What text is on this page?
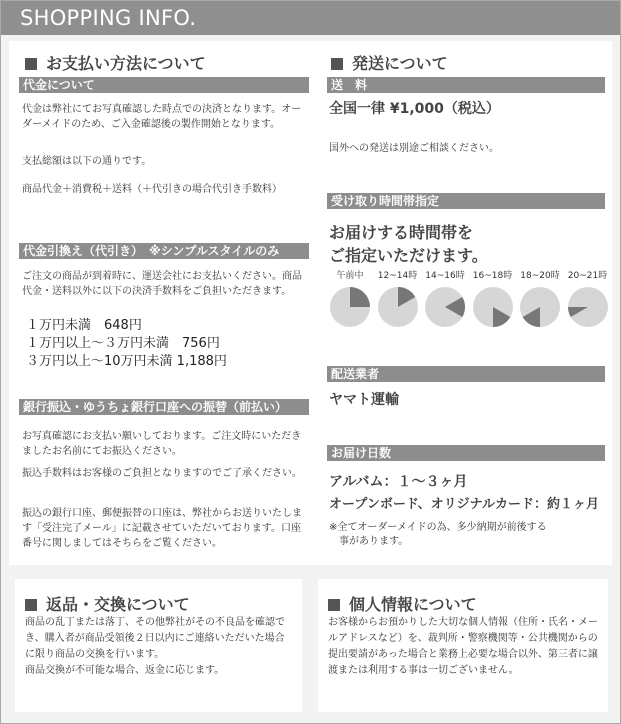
SHOPPING INFO.
お支払い方法について
代金について
代金は弊社にてお写真確認した時点での決済となります。オーダーメイドのため、ご入金確認後の製作開始となります。
支払総額は以下の通りです。
商品代金＋消費税＋送料（＋代引きの場合代引き手数料）
代金引換え（代引き）　※シンプルスタイルのみ
ご注文の商品が到着時に、運送会社にお支払いください。商品代金・送料以外に以下の決済手数料をご負担いただきます。
１万円未満　648円
１万円以上～３万円未満　756円
３万円以上～10万円未満 1,188円
銀行振込・ゆうちょ銀行口座への振替（前払い）
お写真確認にお支払い願いしております。ご注文時にいただきましたお名前にてお振込ください。
振込手数料はお客様のご負担となりますのでご了承ください。
振込の銀行口座、郵便振替の口座は、弊社からお送りいたします「受注完了メール」に記載させていただいております。口座番号に関しましてはそちらをご覧ください。
発送について
送　料
全国一律 ¥1,000（税込）
国外への発送は別途ご相談ください。
受け取り時間帯指定
お届けする時間帯を
ご指定いただけます。
午前中	12~14時 14~16時 16~18時 18~20時 20~21時
配送業者
ヤマト運輸
お届け日数
アルバム：１～３ヶ月
オープンボード、オリジナルカード：約１ヶ月
※全てオーダーメイドの為、多少納期が前後する
　事があります。
返品・交換について
商品の乱丁または落丁、その他弊社がその不良品を確認でき、購入者が商品受領後２日以内にご連絡いただいた場合に限り商品の交換を行います。
商品交換が不可能な場合、返金に応じます。
個人情報について
お客様からお預かりした大切な個人情報（住所・氏名・メールアドレスなど）を、裁判所・警察機関等・公共機関からの提出要請があった場合と業務上必要な場合以外、第三者に譲渡または利用する事は一切ございません。
